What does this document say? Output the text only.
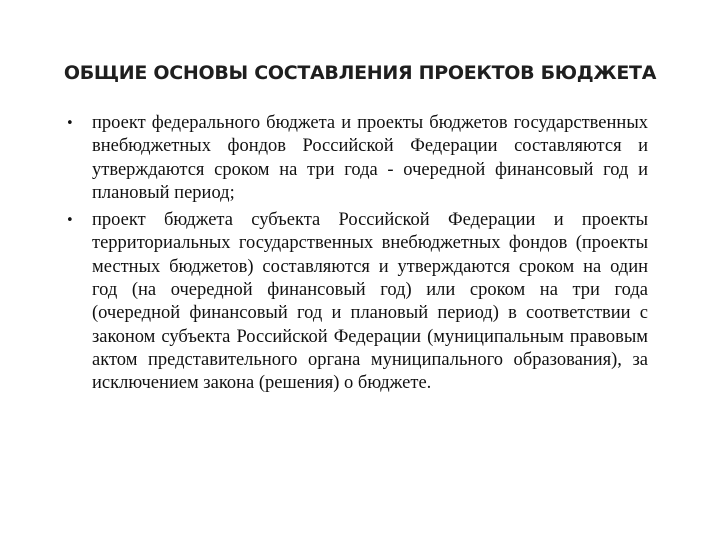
ОБЩИЕ ОСНОВЫ СОСТАВЛЕНИЯ ПРОЕКТОВ БЮДЖЕТА
• проект федерального бюджета и проекты бюджетов государственных внебюджетных фондов Российской Федерации составляются и утверждаются сроком на три года - очередной финансовый год и плановый период;
• проект бюджета субъекта Российской Федерации и проекты территориальных государственных внебюджетных фондов (проекты местных бюджетов) составляются и утверждаются сроком на один год (на очередной финансовый год) или сроком на три года (очередной финансовый год и плановый период) в соответствии с законом субъекта Российской Федерации (муниципальным правовым актом представительного органа муниципального образования), за исключением закона (решения) о бюджете.
